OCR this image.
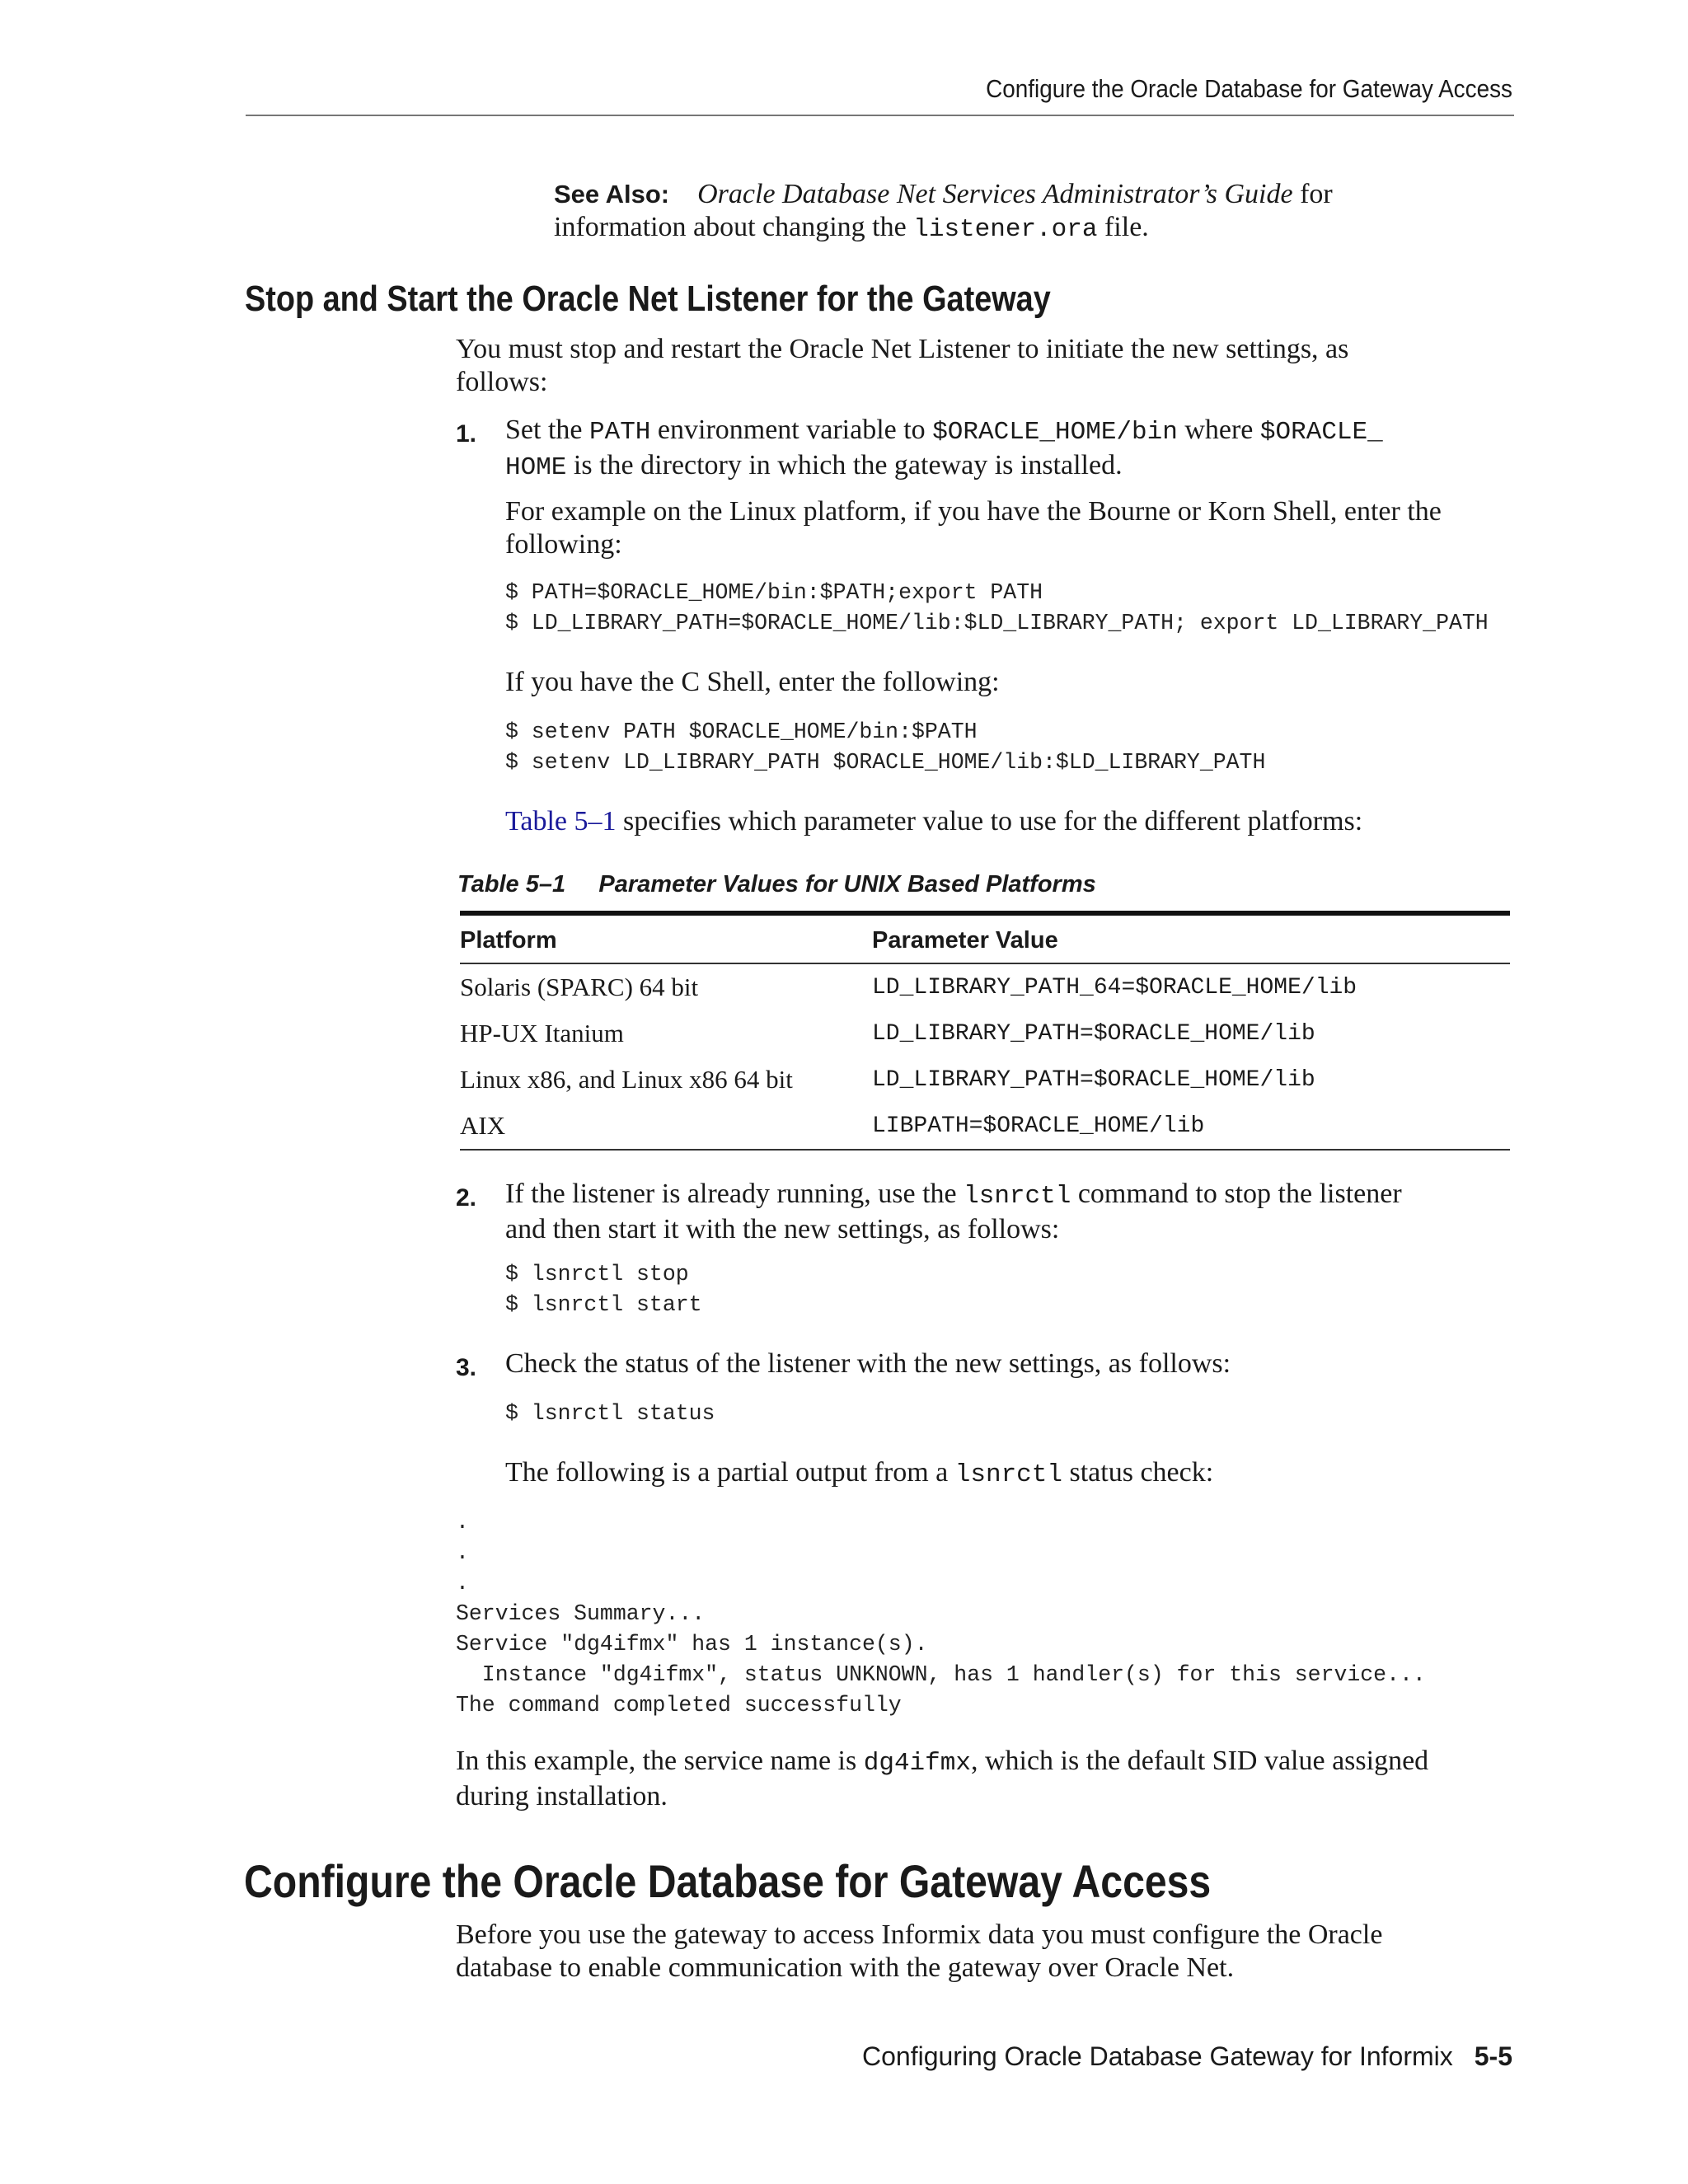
Configure the Oracle Database for Gateway Access
See Also: Oracle Database Net Services Administrator’s Guide for
information about changing the listener.ora file.
Stop and Start the Oracle Net Listener for the Gateway
You must stop and restart the Oracle Net Listener to initiate the new settings, as
follows:
1. Set the PATH environment variable to $ORACLE_HOME/bin where $ORACLE_
HOME is the directory in which the gateway is installed.
For example on the Linux platform, if you have the Bourne or Korn Shell, enter the
following:
$ PATH=$ORACLE_HOME/bin:$PATH;export PATH
$ LD_LIBRARY_PATH=$ORACLE_HOME/lib:$LD_LIBRARY_PATH; export LD_LIBRARY_PATH
If you have the C Shell, enter the following:
$ setenv PATH $ORACLE_HOME/bin:$PATH
$ setenv LD_LIBRARY_PATH $ORACLE_HOME/lib:$LD_LIBRARY_PATH
Table 5–1 specifies which parameter value to use for the different platforms:
Table 5–1 Parameter Values for UNIX Based Platforms
Platform	Parameter Value
Solaris (SPARC) 64 bit	LD_LIBRARY_PATH_64=$ORACLE_HOME/lib
HP-UX Itanium	LD_LIBRARY_PATH=$ORACLE_HOME/lib
Linux x86, and Linux x86 64 bit	LD_LIBRARY_PATH=$ORACLE_HOME/lib
AIX	LIBPATH=$ORACLE_HOME/lib
2. If the listener is already running, use the lsnrctl command to stop the listener
and then start it with the new settings, as follows:
$ lsnrctl stop
$ lsnrctl start
3. Check the status of the listener with the new settings, as follows:
$ lsnrctl status
The following is a partial output from a lsnrctl status check:
.
.
.
Services Summary...
Service "dg4ifmx" has 1 instance(s).
Instance "dg4ifmx", status UNKNOWN, has 1 handler(s) for this service...
The command completed successfully
In this example, the service name is dg4ifmx, which is the default SID value assigned
during installation.
Configure the Oracle Database for Gateway Access
Before you use the gateway to access Informix data you must configure the Oracle
database to enable communication with the gateway over Oracle Net.
Configuring Oracle Database Gateway for Informix 5-5
